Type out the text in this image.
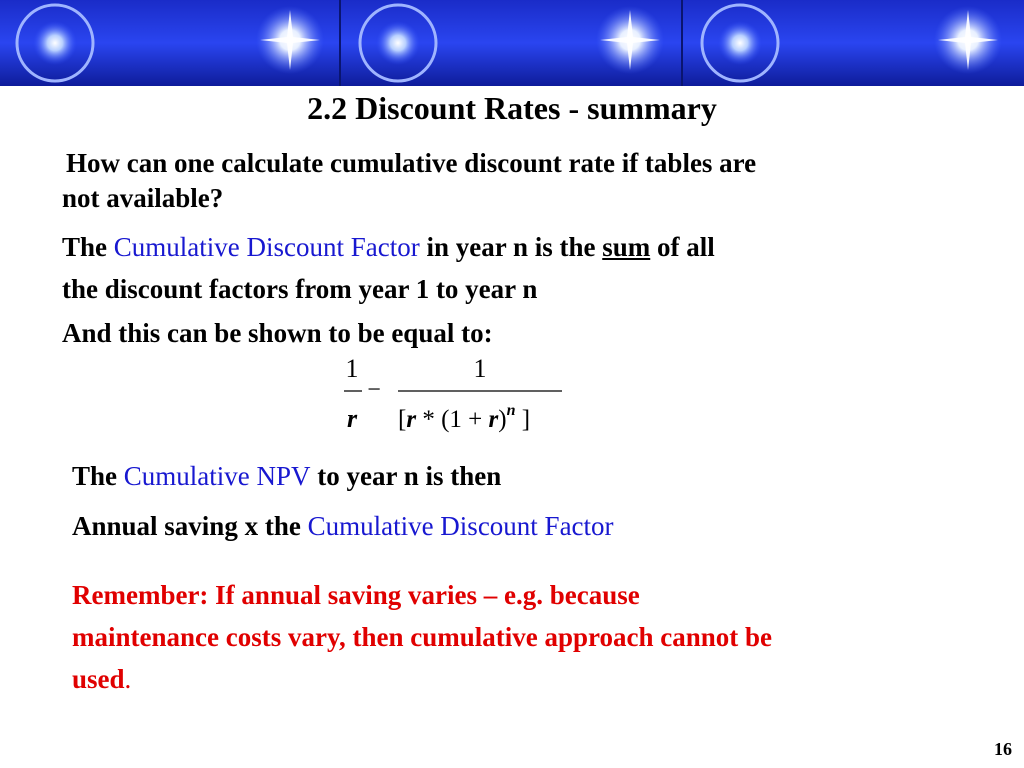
2.2 Discount Rates - summary

How can one calculate cumulative discount rate if tables are
not available?

The Cumulative Discount Factor in year n is the sum of all
the discount factors from year 1 to year n

And this can be shown to be equal to:

1
r
−
1
[$r * (1 + r)^n$ ]

The Cumulative NPV to year n is then

Annual saving x the Cumulative Discount Factor

Remember: If annual saving varies – e.g. because
maintenance costs vary, then cumulative approach cannot be
used.

16
